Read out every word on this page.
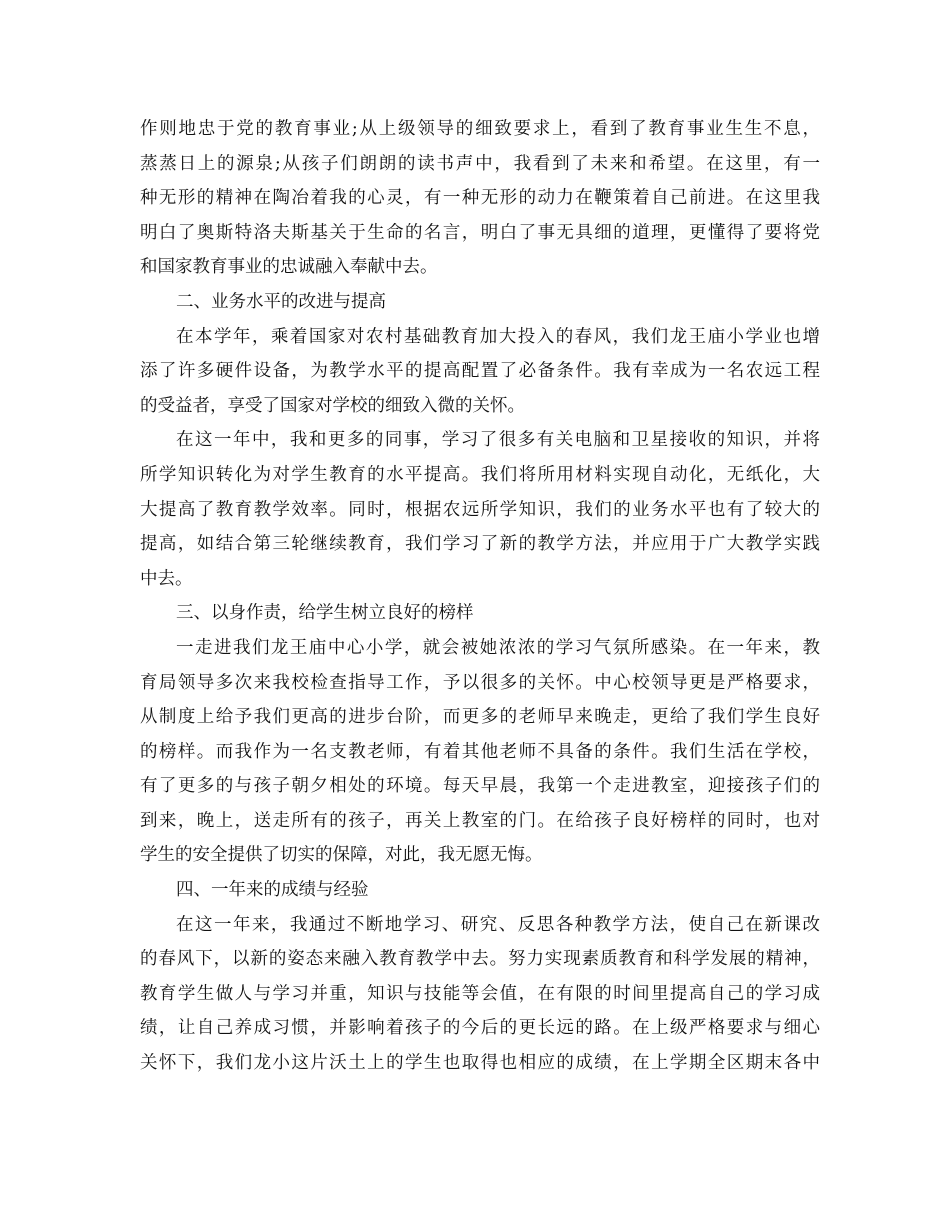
作则地忠于党的教育事业;从上级领导的细致要求上，看到了教育事业生生不息，
蒸蒸日上的源泉;从孩子们朗朗的读书声中，我看到了未来和希望。在这里，有一
种无形的精神在陶冶着我的心灵，有一种无形的动力在鞭策着自己前进。在这里我
明白了奥斯特洛夫斯基关于生命的名言，明白了事无具细的道理，更懂得了要将党
和国家教育事业的忠诚融入奉献中去。
二、业务水平的改进与提高
在本学年，乘着国家对农村基础教育加大投入的春风，我们龙王庙小学业也增
添了许多硬件设备，为教学水平的提高配置了必备条件。我有幸成为一名农远工程
的受益者，享受了国家对学校的细致入微的关怀。
在这一年中，我和更多的同事，学习了很多有关电脑和卫星接收的知识，并将
所学知识转化为对学生教育的水平提高。我们将所用材料实现自动化，无纸化，大
大提高了教育教学效率。同时，根据农远所学知识，我们的业务水平也有了较大的
提高，如结合第三轮继续教育，我们学习了新的教学方法，并应用于广大教学实践
中去。
三、以身作责，给学生树立良好的榜样
一走进我们龙王庙中心小学，就会被她浓浓的学习气氛所感染。在一年来，教
育局领导多次来我校检查指导工作，予以很多的关怀。中心校领导更是严格要求，
从制度上给予我们更高的进步台阶，而更多的老师早来晚走，更给了我们学生良好
的榜样。而我作为一名支教老师，有着其他老师不具备的条件。我们生活在学校，
有了更多的与孩子朝夕相处的环境。每天早晨，我第一个走进教室，迎接孩子们的
到来，晚上，送走所有的孩子，再关上教室的门。在给孩子良好榜样的同时，也对
学生的安全提供了切实的保障，对此，我无愿无悔。
四、一年来的成绩与经验
在这一年来，我通过不断地学习、研究、反思各种教学方法，使自己在新课改
的春风下，以新的姿态来融入教育教学中去。努力实现素质教育和科学发展的精神，
教育学生做人与学习并重，知识与技能等会值，在有限的时间里提高自己的学习成
绩，让自己养成习惯，并影响着孩子的今后的更长远的路。在上级严格要求与细心
关怀下，我们龙小这片沃土上的学生也取得也相应的成绩，在上学期全区期末各中
